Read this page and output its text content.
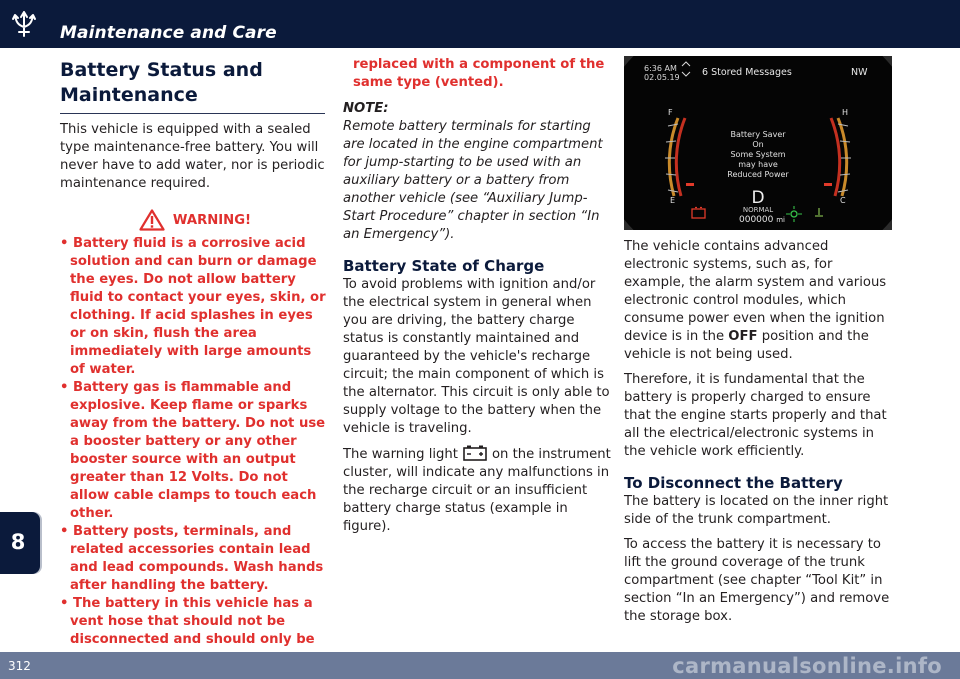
Maintenance and Care
8
Battery Status and Maintenance

This vehicle is equipped with a sealed type maintenance-free battery. You will never have to add water, nor is periodic maintenance required.

WARNING!
• Battery fluid is a corrosive acid solution and can burn or damage the eyes. Do not allow battery fluid to contact your eyes, skin, or clothing. If acid splashes in eyes or on skin, flush the area immediately with large amounts of water.
• Battery gas is flammable and explosive. Keep flame or sparks away from the battery. Do not use a booster battery or any other booster source with an output greater than 12 Volts. Do not allow cable clamps to touch each other.
• Battery posts, terminals, and related accessories contain lead and lead compounds. Wash hands after handling the battery.
• The battery in this vehicle has a vent hose that should not be disconnected and should only be
replaced with a component of the same type (vented).
NOTE:
Remote battery terminals for starting are located in the engine compartment for jump-starting to be used with an auxiliary battery or a battery from another vehicle (see “Auxiliary Jump-Start Procedure” chapter in section “In an Emergency”).
Battery State of Charge

To avoid problems with ignition and/or the electrical system in general when you are driving, the battery charge status is constantly maintained and guaranteed by the vehicle's recharge circuit; the main component of which is the alternator. This circuit is only able to supply voltage to the battery when the vehicle is traveling.

The warning light	on the instrument cluster, will indicate any malfunctions in the recharge circuit or an insufficient battery charge status (example in figure).

6:36 AM
02.05.19 6 Stored Messages	NW
F
E
H
C
Battery Saver
On
Some System
may have
Reduced Power
D
NORMAL
000000 mi

The vehicle contains advanced electronic systems, such as, for example, the alarm system and various electronic control modules, which consume power even when the ignition device is in the OFF position and the vehicle is not being used.

Therefore, it is fundamental that the battery is properly charged to ensure that the engine starts properly and that all the electrical/electronic systems in the vehicle work efficiently.

To Disconnect the Battery

The battery is located on the inner right side of the trunk compartment.

To access the battery it is necessary to lift the ground coverage of the trunk compartment (see chapter “Tool Kit” in section “In an Emergency”) and remove the storage box.

312	carmanualsonline.info
